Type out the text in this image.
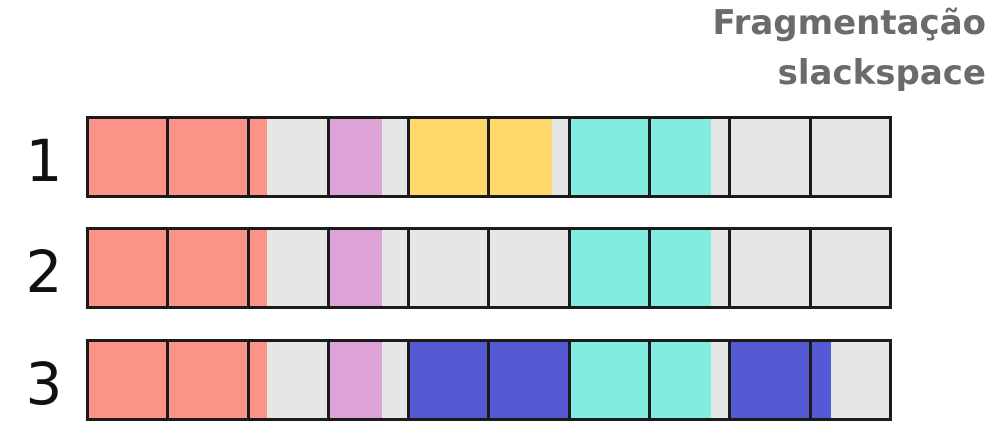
Fragmentação
slackspace
1
2
3
